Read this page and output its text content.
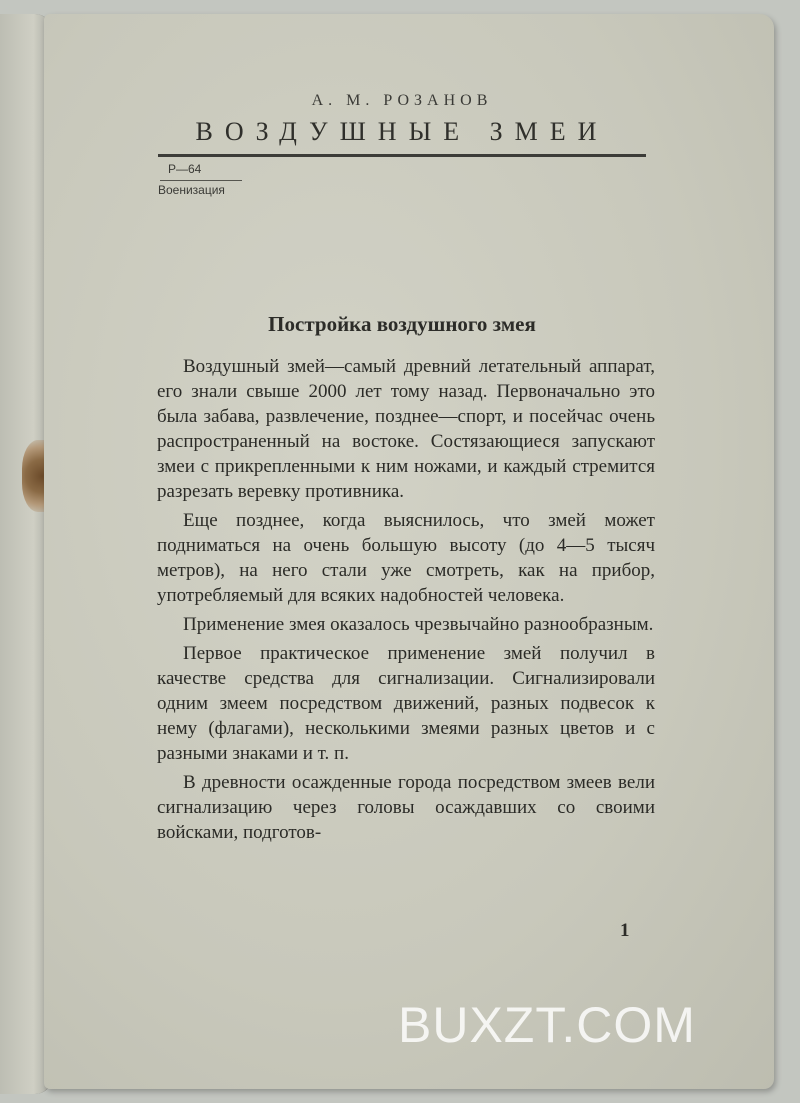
А. М. РОЗАНОВ

ВОЗДУШНЫЕ ЗМЕИ

Р—64
Военизация
Постройка воздушного змея

Воздушный змей—самый древний летательный аппарат, его знали свыше 2000 лет тому назад. Первоначально это была забава, развлечение, позднее—спорт, и посейчас очень распространенный на востоке. Состязающиеся запускают змеи с прикрепленными к ним ножами, и каждый стремится разрезать веревку противника.

Еще позднее, когда выяснилось, что змей может подниматься на очень большую высоту (до 4—5 тысяч метров), на него стали уже смотреть, как на прибор, употребляемый для всяких надобностей человека.

Применение змея оказалось чрезвычайно разнообразным.

Первое практическое применение змей получил в качестве средства для сигнализации. Сигнализировали одним змеем посредством движений, разных подвесок к нему (флагами), несколькими змеями разных цветов и с разными знаками и т. п.

В древности осажденные города посредством змеев вели сигнализацию через головы осаждавших со своими войсками, подготов-

1
BUXZT.COM
